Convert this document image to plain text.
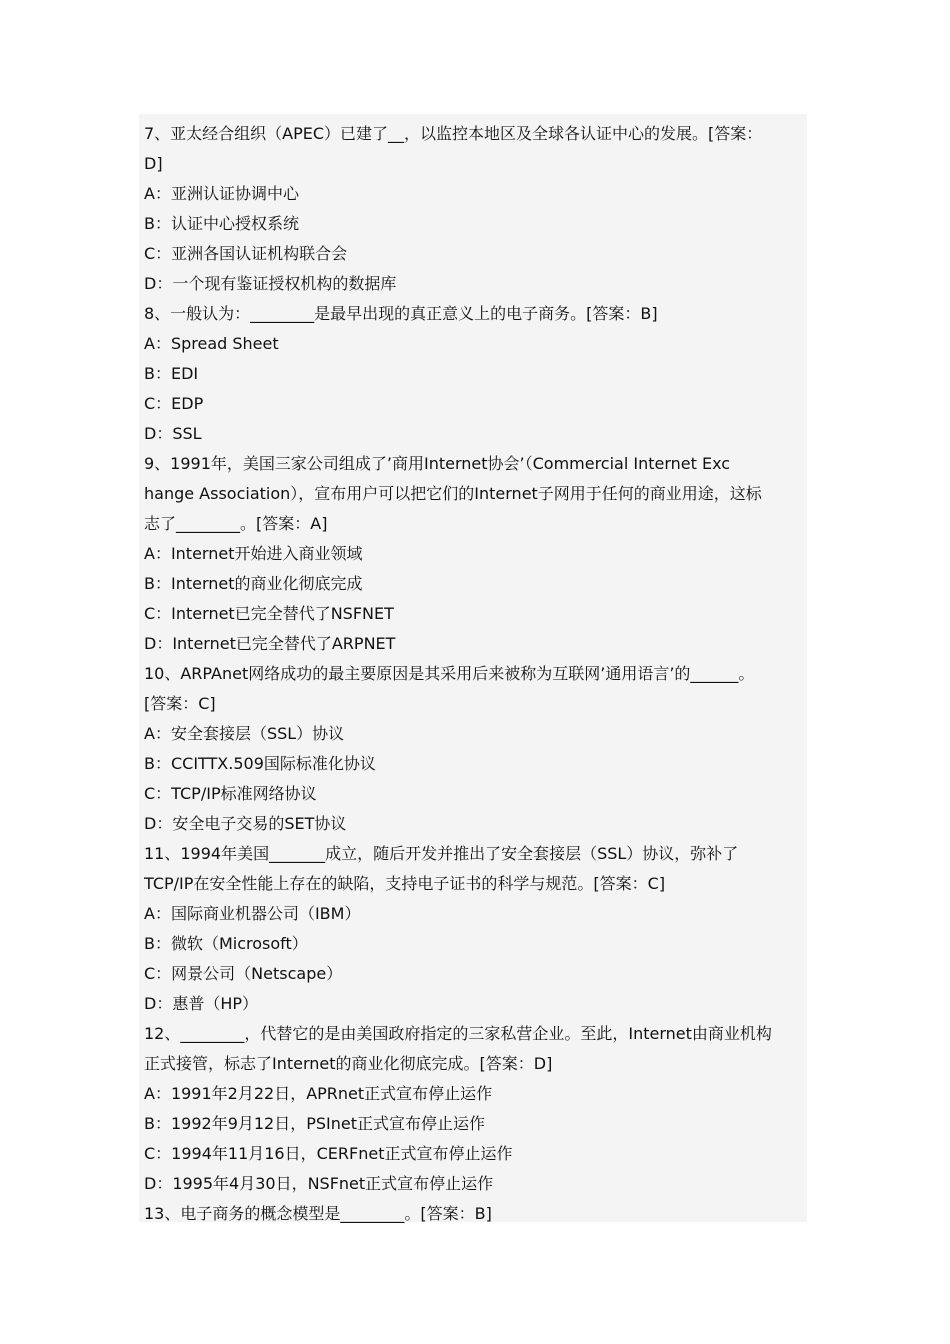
7、亚太经合组织（APEC）已建了__，以监控本地区及全球各认证中心的发展。[答案：
D]
A：亚洲认证协调中心
B：认证中心授权系统
C：亚洲各国认证机构联合会
D：一个现有鉴证授权机构的数据库
8、一般认为：________是最早出现的真正意义上的电子商务。[答案：B]
A：Spread Sheet
B：EDI
C：EDP
D：SSL
9、1991年，美国三家公司组成了’商用Internet协会’（Commercial Internet Exc
hange Association），宣布用户可以把它们的Internet子网用于任何的商业用途，这标
志了________。[答案：A]
A：Internet开始进入商业领域
B：Internet的商业化彻底完成
C：Internet已完全替代了NSFNET
D：Internet已完全替代了ARPNET
10、ARPAnet网络成功的最主要原因是其采用后来被称为互联网’通用语言’的______。
[答案：C]
A：安全套接层（SSL）协议
B：CCITTX.509国际标准化协议
C：TCP/IP标准网络协议
D：安全电子交易的SET协议
11、1994年美国_______成立，随后开发并推出了安全套接层（SSL）协议，弥补了
TCP/IP在安全性能上存在的缺陷，支持电子证书的科学与规范。[答案：C]
A：国际商业机器公司（IBM）
B：微软（Microsoft）
C：网景公司（Netscape）
D：惠普（HP）
12、________，代替它的是由美国政府指定的三家私营企业。至此，Internet由商业机构
正式接管，标志了Internet的商业化彻底完成。[答案：D]
A：1991年2月22日，APRnet正式宣布停止运作
B：1992年9月12日，PSInet正式宣布停止运作
C：1994年11月16日，CERFnet正式宣布停止运作
D：1995年4月30日，NSFnet正式宣布停止运作
13、电子商务的概念模型是________。[答案：B]
